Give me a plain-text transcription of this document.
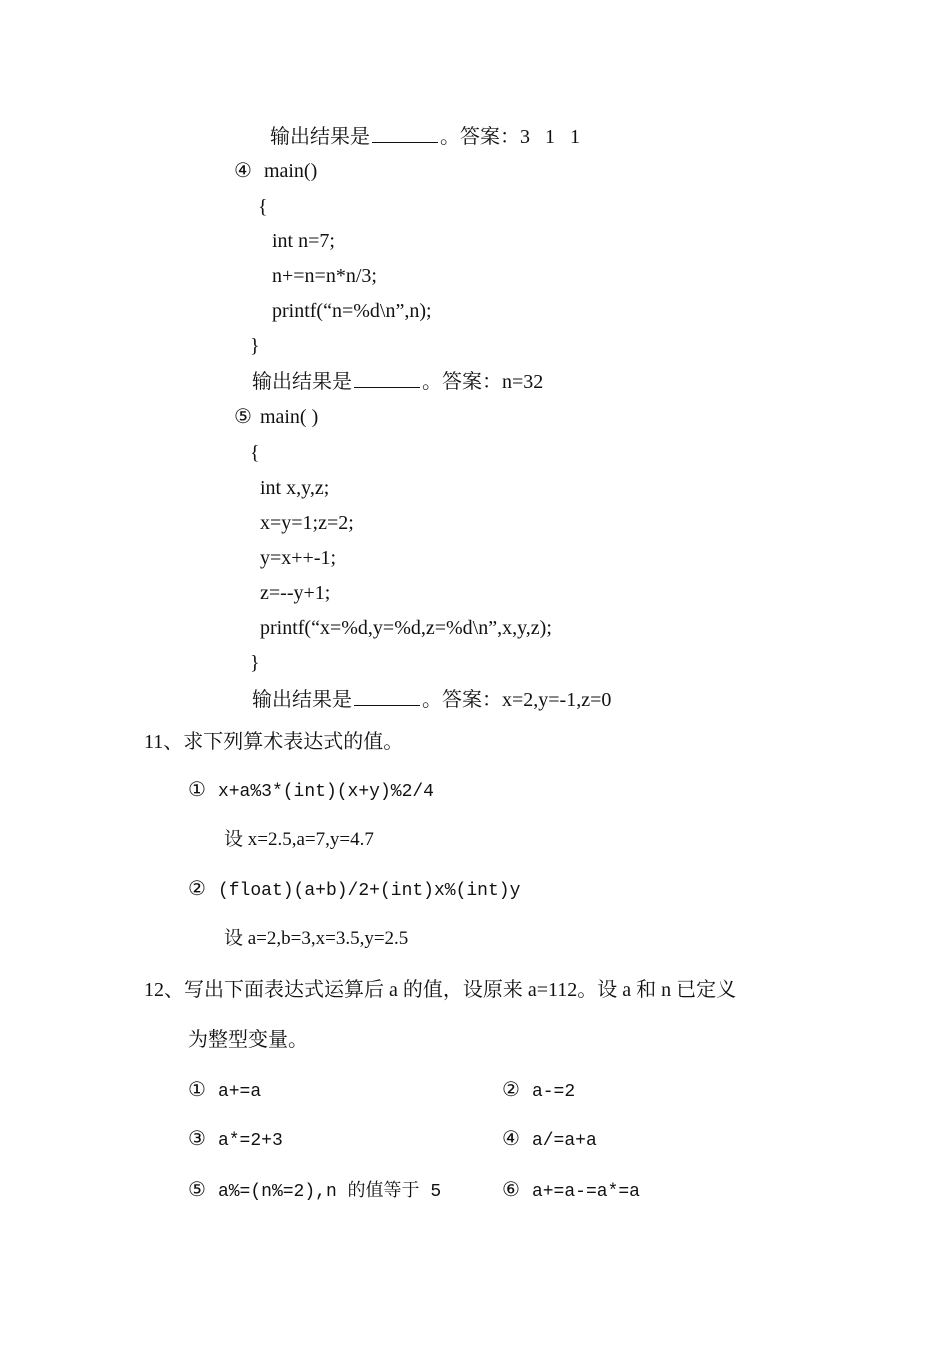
输出结果是	。答案：3   1   1
④ main()
{
int n=7;
n+=n=n*n/3;
printf(“n=%d\n”,n);
}
输出结果是	。答案：n=32
⑤ main( )
{
int x,y,z;
x=y=1;z=2;
y=x++-1;
z=--y+1;
printf(“x=%d,y=%d,z=%d\n”,x,y,z);
}
输出结果是	。答案：x=2,y=-1,z=0
11、求下列算术表达式的值。
① x+a%3*(int)(x+y)%2/4
设 x=2.5,a=7,y=4.7
② (float)(a+b)/2+(int)x%(int)y
设 a=2,b=3,x=3.5,y=2.5
12、写出下面表达式运算后 a 的值，设原来 a=112。设 a 和 n 已定义
为整型变量。
① a+=a	② a-=2
③ a*=2+3	④ a/=a+a
⑤ a%=(n%=2),n 的值等于 5	⑥ a+=a-=a*=a
